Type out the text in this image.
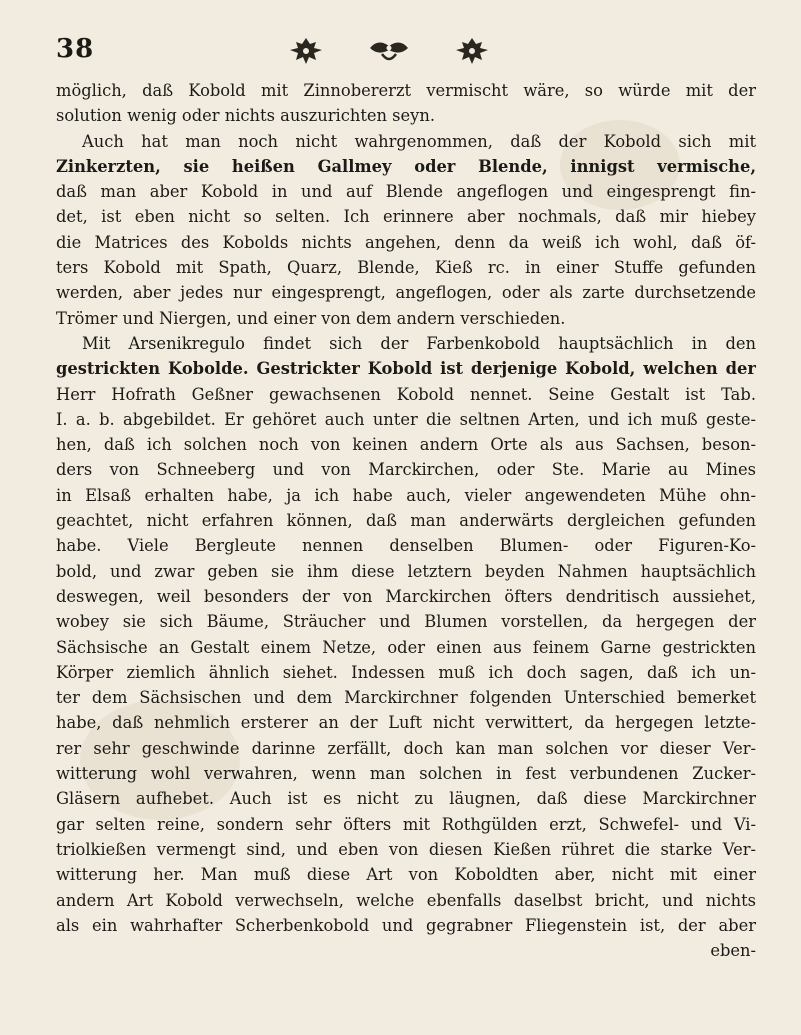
38
möglich, daß Kobold mit Zinnobererzt vermischt wäre, so würde mit der
solution wenig oder nichts auszurichten seyn.
Auch hat man noch nicht wahrgenommen, daß der Kobold sich mit
Zinkerzten, sie heißen Gallmey oder Blende, innigst vermische,
daß man aber Kobold in und auf Blende angeflogen und eingesprengt fin-
det, ist eben nicht so selten. Ich erinnere aber nochmals, daß mir hiebey
die Matrices des Kobolds nichts angehen, denn da weiß ich wohl, daß öf-
ters Kobold mit Spath, Quarz, Blende, Kieß rc. in einer Stuffe gefunden
werden, aber jedes nur eingesprengt, angeflogen, oder als zarte durchsetzende
Trömer und Niergen, und einer von dem andern verschieden.
Mit Arsenikregulo findet sich der Farbenkobold hauptsächlich in den
gestrickten Kobolde. Gestrickter Kobold ist derjenige Kobold, welchen der
Herr Hofrath Geßner gewachsenen Kobold nennet. Seine Gestalt ist Tab.
I. a. b. abgebildet. Er gehöret auch unter die seltnen Arten, und ich muß geste-
hen, daß ich solchen noch von keinen andern Orte als aus Sachsen, beson-
ders von Schneeberg und von Marckirchen, oder Ste. Marie au Mines
in Elsaß erhalten habe, ja ich habe auch, vieler angewendeten Mühe ohn-
geachtet, nicht erfahren können, daß man anderwärts dergleichen gefunden
habe. Viele Bergleute nennen denselben Blumen- oder Figuren-Ko-
bold, und zwar geben sie ihm diese letztern beyden Nahmen hauptsächlich
deswegen, weil besonders der von Marckirchen öfters dendritisch aussiehet,
wobey sie sich Bäume, Sträucher und Blumen vorstellen, da hergegen der
Sächsische an Gestalt einem Netze, oder einen aus feinem Garne gestrickten
Körper ziemlich ähnlich siehet. Indessen muß ich doch sagen, daß ich un-
ter dem Sächsischen und dem Marckirchner folgenden Unterschied bemerket
habe, daß nehmlich ersterer an der Luft nicht verwittert, da hergegen letzte-
rer sehr geschwinde darinne zerfällt, doch kan man solchen vor dieser Ver-
witterung wohl verwahren, wenn man solchen in fest verbundenen Zucker-
Gläsern aufhebet. Auch ist es nicht zu läugnen, daß diese Marckirchner
gar selten reine, sondern sehr öfters mit Rothgülden erzt, Schwefel- und Vi-
triolkießen vermengt sind, und eben von diesen Kießen rühret die starke Ver-
witterung her. Man muß diese Art von Koboldten aber, nicht mit einer
andern Art Kobold verwechseln, welche ebenfalls daselbst bricht, und nichts
als ein wahrhafter Scherbenkobold und gegrabner Fliegenstein ist, der aber
eben-
